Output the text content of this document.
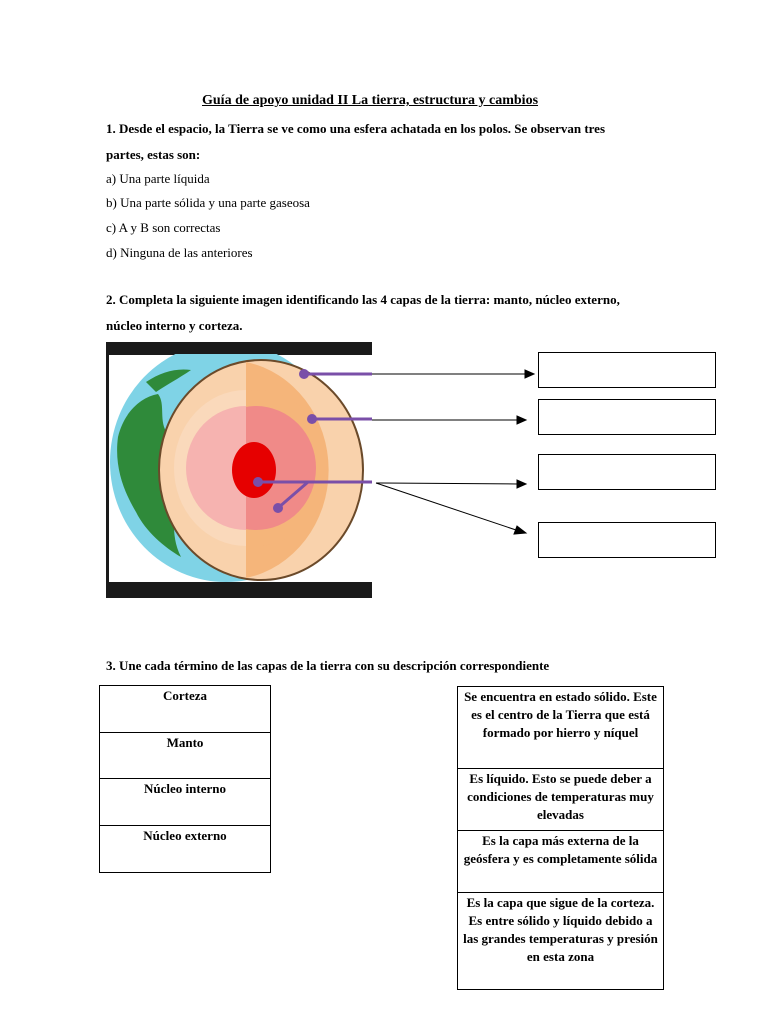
Guía de apoyo unidad II La tierra, estructura y cambios
1. Desde el espacio, la Tierra se ve como una esfera achatada en los polos. Se observan tres
partes, estas son:
a) Una parte líquida
b) Una parte sólida y una parte gaseosa
c) A y B son correctas
d) Ninguna de las anteriores
2. Completa la siguiente imagen identificando las 4 capas de la tierra: manto, núcleo externo,
núcleo interno y corteza.
3. Une cada término de las capas de la tierra con su descripción correspondiente
Corteza
Manto
Núcleo interno
Núcleo externo
Se encuentra en estado sólido. Este es el centro de la Tierra que está formado por hierro y níquel
Es líquido. Esto se puede deber a condiciones de temperaturas muy elevadas
Es la capa más externa de la geósfera y es completamente sólida
Es la capa que sigue de la corteza. Es entre sólido y líquido debido a las grandes temperaturas y presión en esta zona
